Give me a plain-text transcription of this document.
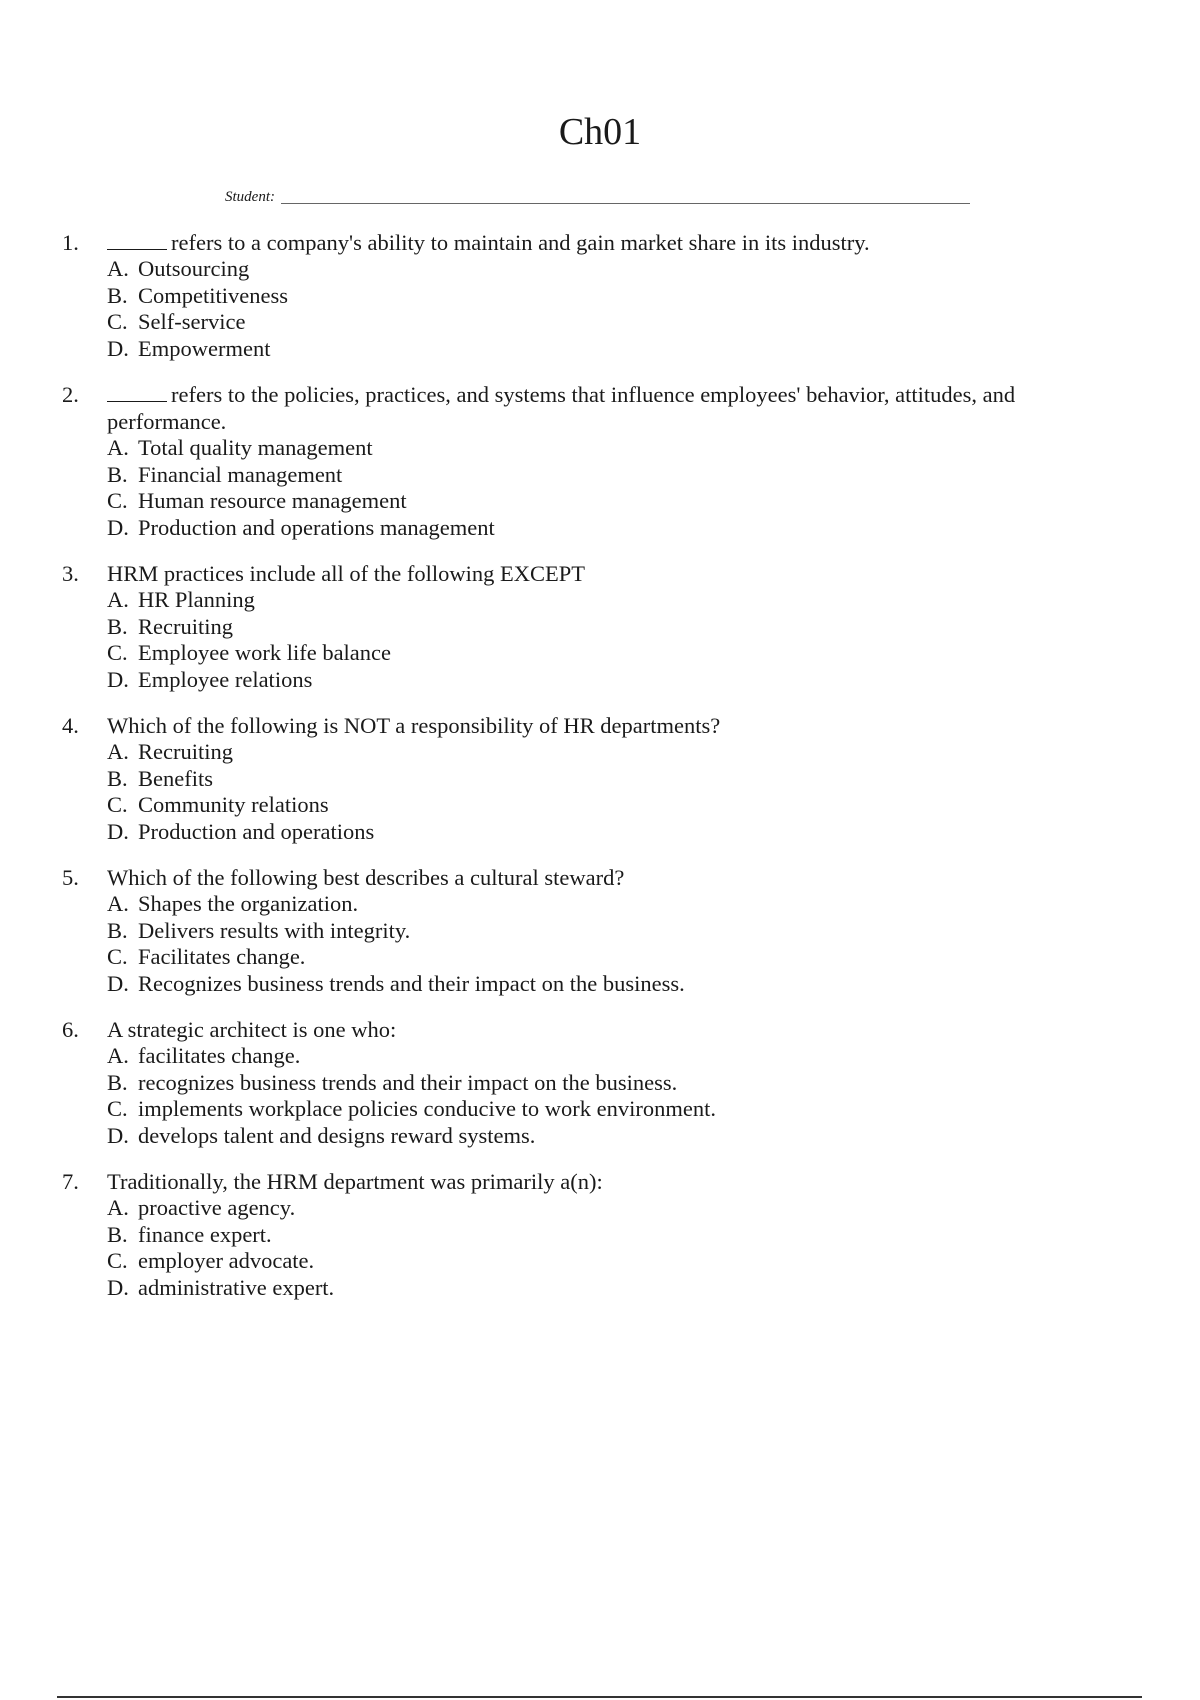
Ch01
Student:
1.	refers to a company's ability to maintain and gain market share in its industry.
A. Outsourcing
B. Competitiveness
C. Self-service
D. Empowerment
2.	refers to the policies, practices, and systems that influence employees' behavior, attitudes, and performance.
A. Total quality management
B. Financial management
C. Human resource management
D. Production and operations management
3.	HRM practices include all of the following EXCEPT
A. HR Planning
B. Recruiting
C. Employee work life balance
D. Employee relations
4.	Which of the following is NOT a responsibility of HR departments?
A. Recruiting
B. Benefits
C. Community relations
D. Production and operations
5.	Which of the following best describes a cultural steward?
A. Shapes the organization.
B. Delivers results with integrity.
C. Facilitates change.
D. Recognizes business trends and their impact on the business.
6.	A strategic architect is one who:
A. facilitates change.
B. recognizes business trends and their impact on the business.
C. implements workplace policies conducive to work environment.
D. develops talent and designs reward systems.
7.	Traditionally, the HRM department was primarily a(n):
A. proactive agency.
B. finance expert.
C. employer advocate.
D. administrative expert.
